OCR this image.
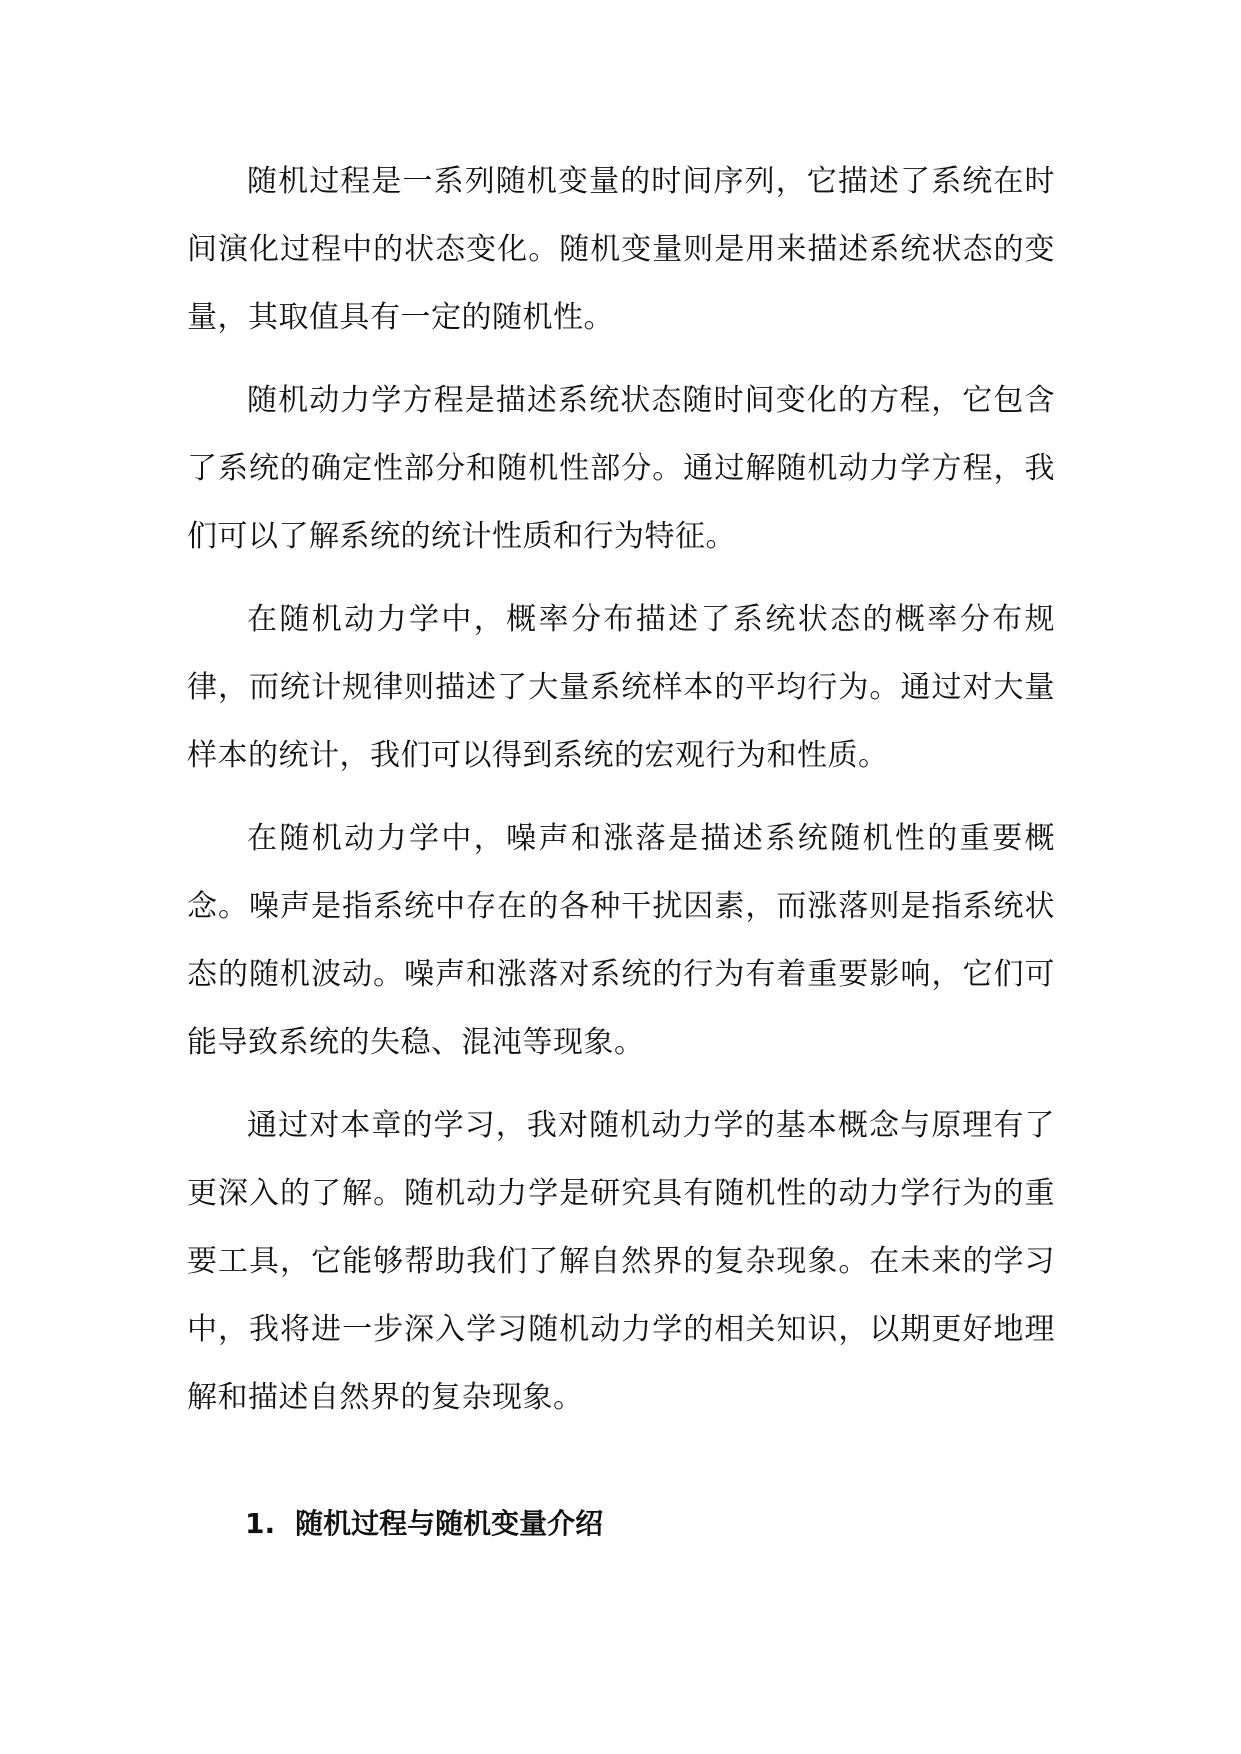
随机过程是一系列随机变量的时间序列，它描述了系统在时间演化过程中的状态变化。随机变量则是用来描述系统状态的变量，其取值具有一定的随机性。

随机动力学方程是描述系统状态随时间变化的方程，它包含了系统的确定性部分和随机性部分。通过解随机动力学方程，我们可以了解系统的统计性质和行为特征。

在随机动力学中，概率分布描述了系统状态的概率分布规律，而统计规律则描述了大量系统样本的平均行为。通过对大量样本的统计，我们可以得到系统的宏观行为和性质。

在随机动力学中，噪声和涨落是描述系统随机性的重要概念。噪声是指系统中存在的各种干扰因素，而涨落则是指系统状态的随机波动。噪声和涨落对系统的行为有着重要影响，它们可能导致系统的失稳、混沌等现象。

通过对本章的学习，我对随机动力学的基本概念与原理有了更深入的了解。随机动力学是研究具有随机性的动力学行为的重要工具，它能够帮助我们了解自然界的复杂现象。在未来的学习中，我将进一步深入学习随机动力学的相关知识，以期更好地理解和描述自然界的复杂现象。

1. 随机过程与随机变量介绍
